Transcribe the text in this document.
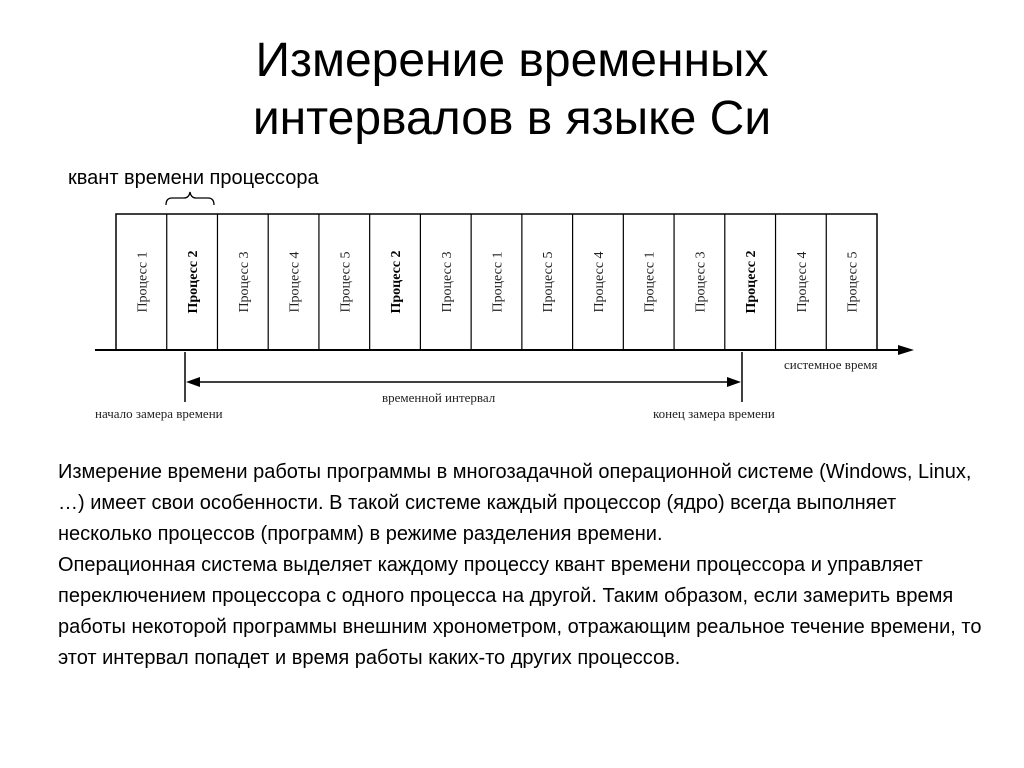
Измерение временных
интервалов в языке Си
квант времени процессора
Процесс 1	Процесс 2	Процесс 3	Процесс 4	Процесс 5	Процесс 2	Процесс 3	Процесс 1	Процесс 5	Процесс 4	Процесс 1	Процесс 3	Процесс 2	Процесс 4	Процесс 5
системное время
временной интервал
начало замера времени	конец замера времени

Измерение времени работы программы в многозадачной операционной системе (Windows, Linux, …) имеет свои особенности. В такой системе каждый процессор (ядро) всегда выполняет несколько процессов (программ) в режиме разделения времени.

Операционная система выделяет каждому процессу квант времени процессора и управляет переключением процессора с одного процесса на другой. Таким образом, если замерить время работы некоторой программы внешним хронометром, отражающим реальное течение времени, то этот интервал попадет и время работы каких-то других процессов.
